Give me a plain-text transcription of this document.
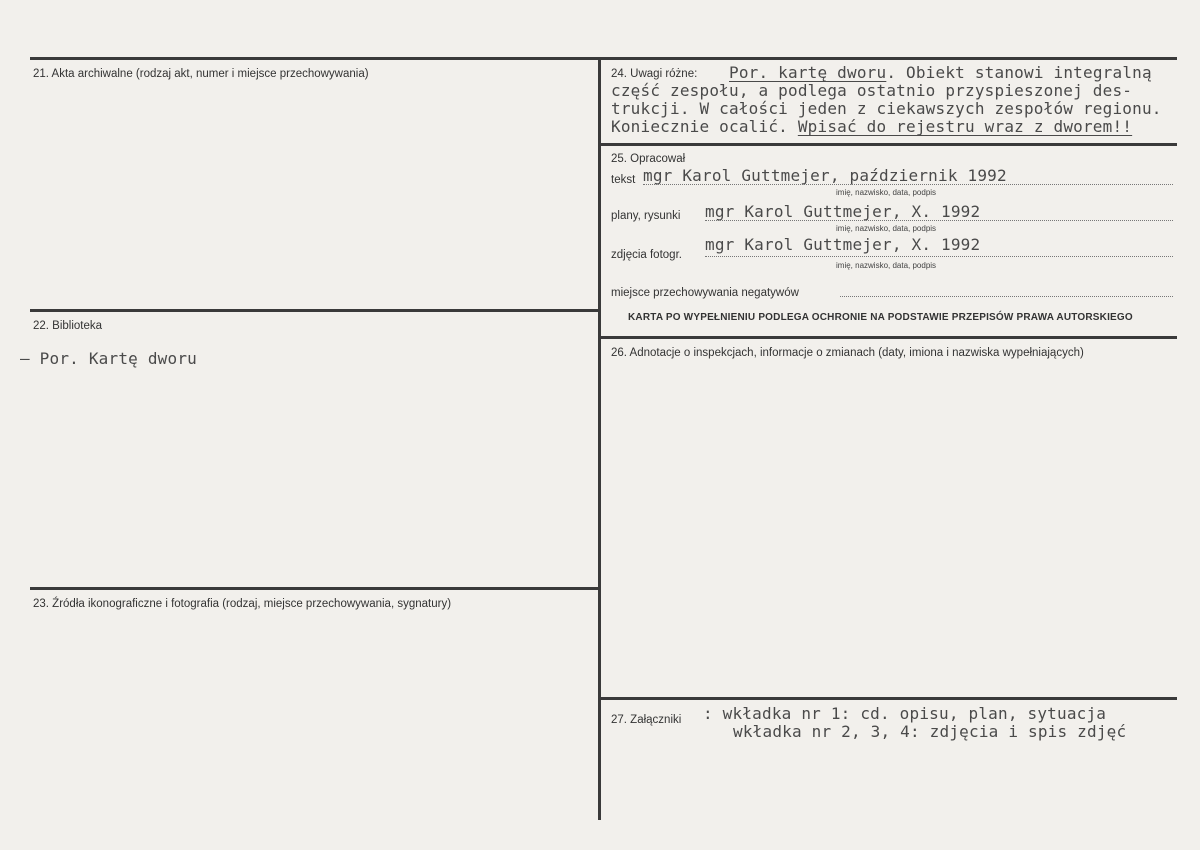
21. Akta archiwalne (rodzaj akt, numer i miejsce przechowywania)
22. Biblioteka
– Por. Kartę dworu
23. Źródła ikonograficzne i fotografia (rodzaj, miejsce przechowywania, sygnatury)
24. Uwagi różne: Por. kartę dworu. Obiekt stanowi integralną
część zespołu, a podlega ostatnio przyspieszonej des-
trukcji. W całości jeden z ciekawszych zespołów regionu.
Koniecznie ocalić. Wpisać do rejestru wraz z dworem!!
25. Opracował
tekst mgr Karol Guttmejer, październik 1992
imię, nazwisko, data, podpis
plany, rysunki mgr Karol Guttmejer, X. 1992
imię, nazwisko, data, podpis
zdjęcia fotogr.
mgr Karol Guttmejer, X. 1992
imię, nazwisko, data, podpis
miejsce przechowywania negatywów
KARTA PO WYPEŁNIENIU PODLEGA OCHRONIE NA PODSTAWIE PRZEPISÓW PRAWA AUTORSKIEGO
26. Adnotacje o inspekcjach, informacje o zmianach (daty, imiona i nazwiska wypełniających)
27. Załączniki : wkładka nr 1: cd. opisu, plan, sytuacja
wkładka nr 2, 3, 4: zdjęcia i spis zdjęć
